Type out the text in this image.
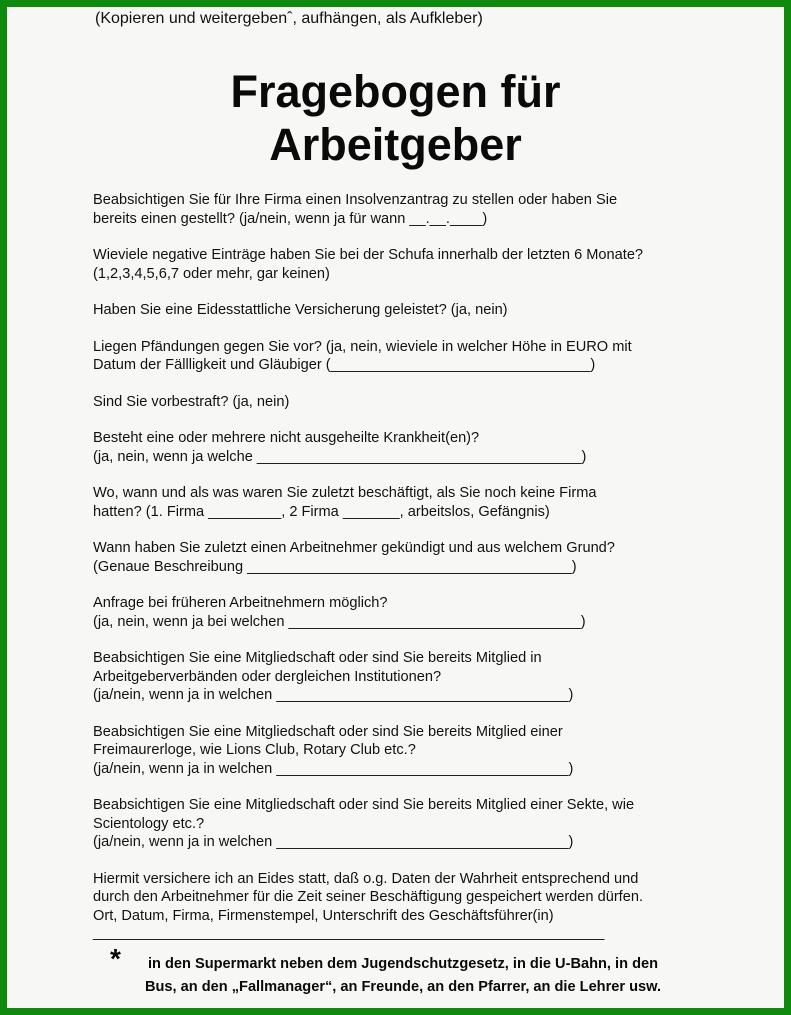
(Kopieren und weitergebenˆ, aufhängen, als Aufkleber)

Fragebogen für
Arbeitgeber

Beabsichtigen Sie für Ihre Firma einen Insolvenzantrag zu stellen oder haben Sie
bereits einen gestellt? (ja/nein, wenn ja für wann __.__.____)

Wieviele negative Einträge haben Sie bei der Schufa innerhalb der letzten 6 Monate?
(1,2,3,4,5,6,7 oder mehr, gar keinen)

Haben Sie eine Eidesstattliche Versicherung geleistet? (ja, nein)

Liegen Pfändungen gegen Sie vor? (ja, nein, wieviele in welcher Höhe in EURO mit
Datum der Fällligkeit und Gläubiger (________________________________)

Sind Sie vorbestraft? (ja, nein)

Besteht eine oder mehrere nicht ausgeheilte Krankheit(en)?
(ja, nein, wenn ja welche ________________________________________)

Wo, wann und als was waren Sie zuletzt beschäftigt, als Sie noch keine Firma
hatten? (1. Firma _________, 2 Firma _______, arbeitslos, Gefängnis)

Wann haben Sie zuletzt einen Arbeitnehmer gekündigt und aus welchem Grund?
(Genaue Beschreibung ________________________________________)

Anfrage bei früheren Arbeitnehmern möglich?
(ja, nein, wenn ja bei welchen ____________________________________)

Beabsichtigen Sie eine Mitgliedschaft oder sind Sie bereits Mitglied in
Arbeitgeberverbänden oder dergleichen Institutionen?
(ja/nein, wenn ja in welchen ____________________________________)

Beabsichtigen Sie eine Mitgliedschaft oder sind Sie bereits Mitglied einer
Freimaurerloge, wie Lions Club, Rotary Club etc.?
(ja/nein, wenn ja in welchen ____________________________________)

Beabsichtigen Sie eine Mitgliedschaft oder sind Sie bereits Mitglied einer Sekte, wie
Scientology etc.?
(ja/nein, wenn ja in welchen ____________________________________)

Hiermit versichere ich an Eides statt, daß o.g. Daten der Wahrheit entsprechend und
durch den Arbeitnehmer für die Zeit seiner Beschäftigung gespeichert werden dürfen.
Ort, Datum, Firma, Firmenstempel, Unterschrift des Geschäftsführer(in)

_______________________________________________________________
*	in den Supermarkt neben dem Jugendschutzgesetz, in die U-Bahn, in den
Bus, an den „Fallmanager“, an Freunde, an den Pfarrer, an die Lehrer usw.
